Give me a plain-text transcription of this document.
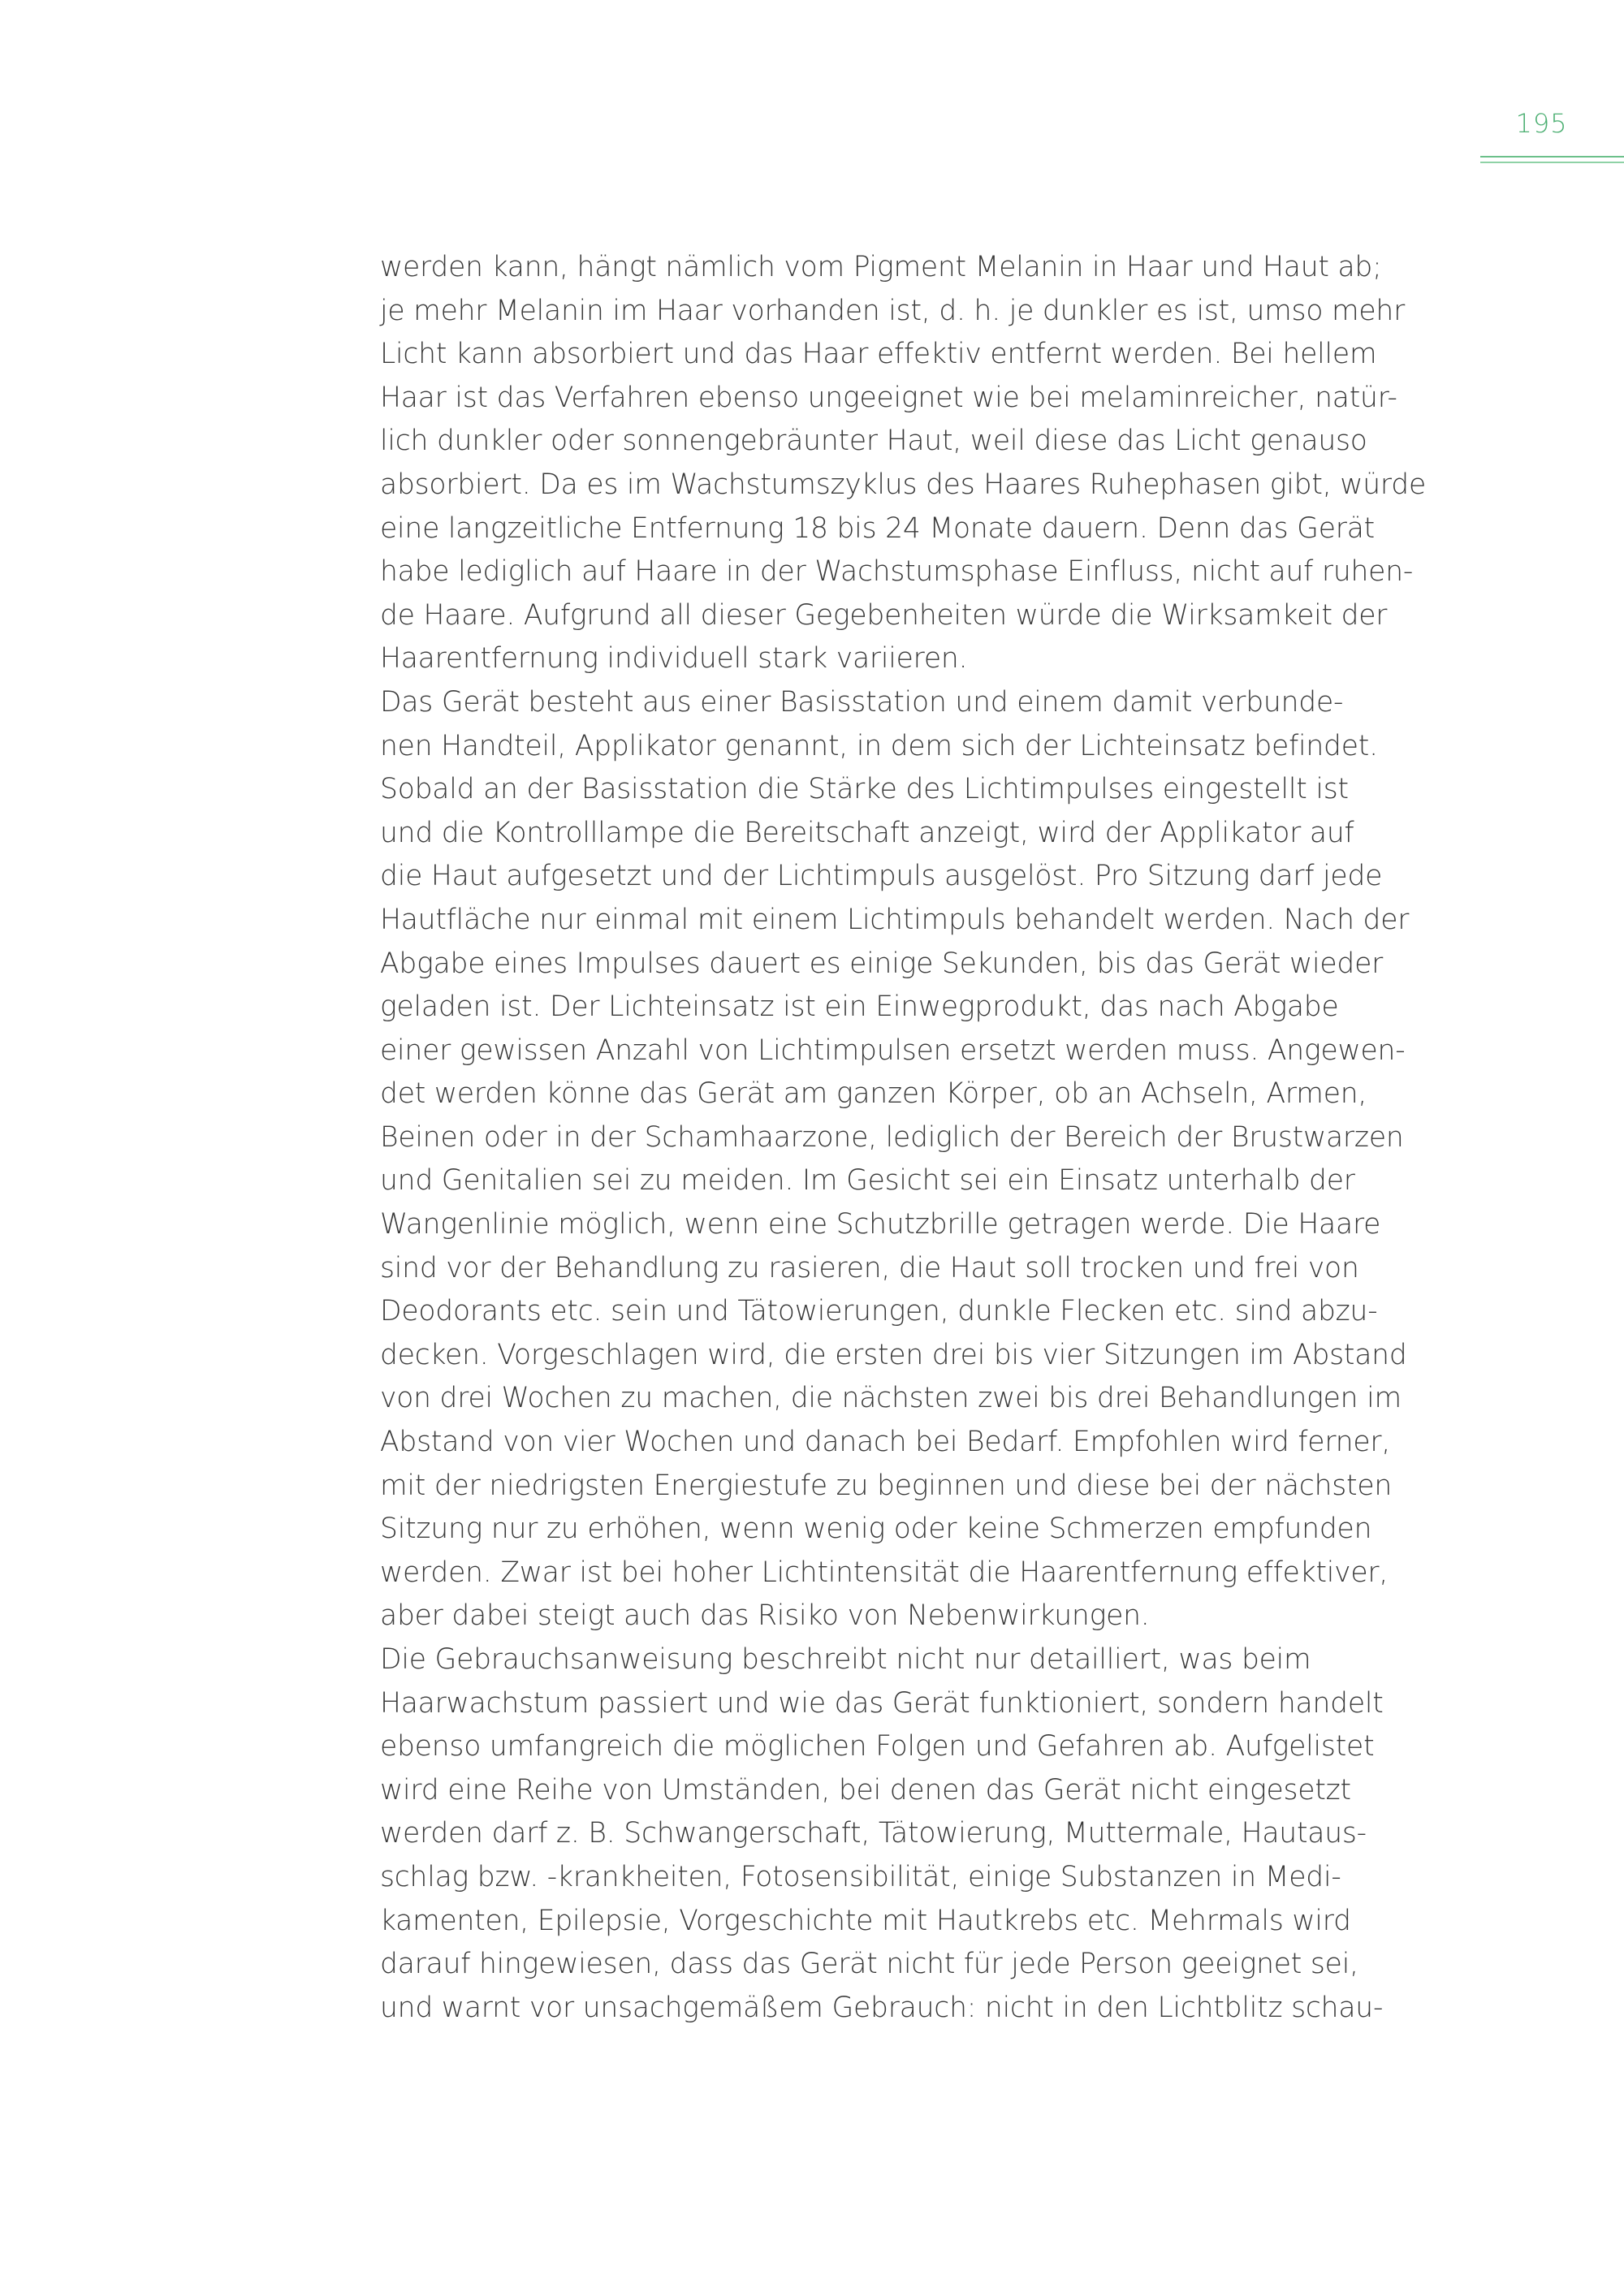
195
werden kann, hängt nämlich vom Pigment Melanin in Haar und Haut ab;
je mehr Melanin im Haar vorhanden ist, d. h. je dunkler es ist, umso mehr
Licht kann absorbiert und das Haar effektiv entfernt werden. Bei hellem
Haar ist das Verfahren ebenso ungeeignet wie bei melaminreicher, natür-
lich dunkler oder sonnengebräunter Haut, weil diese das Licht genauso
absorbiert. Da es im Wachstumszyklus des Haares Ruhephasen gibt, würde
eine langzeitliche Entfernung 18 bis 24 Monate dauern. Denn das Gerät
habe lediglich auf Haare in der Wachstumsphase Einfluss, nicht auf ruhen-
de Haare. Aufgrund all dieser Gegebenheiten würde die Wirksamkeit der
Haarentfernung individuell stark variieren.
Das Gerät besteht aus einer Basisstation und einem damit verbunde-
nen Handteil, Applikator genannt, in dem sich der Lichteinsatz befindet.
Sobald an der Basisstation die Stärke des Lichtimpulses eingestellt ist
und die Kontrolllampe die Bereitschaft anzeigt, wird der Applikator auf
die Haut aufgesetzt und der Lichtimpuls ausgelöst. Pro Sitzung darf jede
Hautfläche nur einmal mit einem Lichtimpuls behandelt werden. Nach der
Abgabe eines Impulses dauert es einige Sekunden, bis das Gerät wieder
geladen ist. Der Lichteinsatz ist ein Einwegprodukt, das nach Abgabe
einer gewissen Anzahl von Lichtimpulsen ersetzt werden muss. Angewen-
det werden könne das Gerät am ganzen Körper, ob an Achseln, Armen,
Beinen oder in der Schamhaarzone, lediglich der Bereich der Brustwarzen
und Genitalien sei zu meiden. Im Gesicht sei ein Einsatz unterhalb der
Wangenlinie möglich, wenn eine Schutzbrille getragen werde. Die Haare
sind vor der Behandlung zu rasieren, die Haut soll trocken und frei von
Deodorants etc. sein und Tätowierungen, dunkle Flecken etc. sind abzu-
decken. Vorgeschlagen wird, die ersten drei bis vier Sitzungen im Abstand
von drei Wochen zu machen, die nächsten zwei bis drei Behandlungen im
Abstand von vier Wochen und danach bei Bedarf. Empfohlen wird ferner,
mit der niedrigsten Energiestufe zu beginnen und diese bei der nächsten
Sitzung nur zu erhöhen, wenn wenig oder keine Schmerzen empfunden
werden. Zwar ist bei hoher Lichtintensität die Haarentfernung effektiver,
aber dabei steigt auch das Risiko von Nebenwirkungen.
Die Gebrauchsanweisung beschreibt nicht nur detailliert, was beim
Haarwachstum passiert und wie das Gerät funktioniert, sondern handelt
ebenso umfangreich die möglichen Folgen und Gefahren ab. Aufgelistet
wird eine Reihe von Umständen, bei denen das Gerät nicht eingesetzt
werden darf z. B. Schwangerschaft, Tätowierung, Muttermale, Hautaus-
schlag bzw. -krankheiten, Fotosensibilität, einige Substanzen in Medi-
kamenten, Epilepsie, Vorgeschichte mit Hautkrebs etc. Mehrmals wird
darauf hingewiesen, dass das Gerät nicht für jede Person geeignet sei,
und warnt vor unsachgemäßem Gebrauch: nicht in den Lichtblitz schau-
